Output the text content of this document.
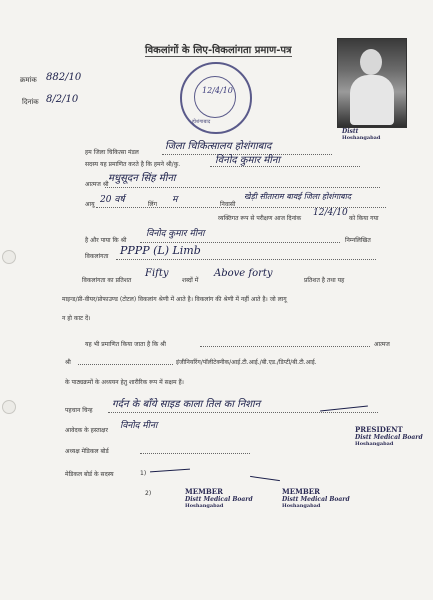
विकलांगों के लिए-विकलांगता प्रमाण-पत्र
क्रमांक 882/10
दिनांक 8/2/10
12/4/10
होशंगाबाद
Distt
Hoshangabad
हम जिला चिकित्सा मंडल
जिला चिकित्सालय होशंगाबाद
सदस्य यह प्रमाणित करते है कि हमने श्री/कु.	विनोद कुमार मीना
आत्मज श्री
मधुसूदन सिंह मीना
आयु 20 वर्ष	लिंग म	निवासी
खेड़ी सीताराम बावई जिला होशंगाबाद
व्यक्तिगत रूप से परीक्षण आज दिनांक
12/4/10
को किया गया
है और पाया कि श्री
विनोद कुमार मीना
निम्नलिखित
विकलांगता PPPP (L) Limb
विकलांगता का प्रतिशत
Fifty
शब्दों में
Above forty
प्रतिशत है तथा यह
माइन्ड/प्री-वीयर/प्रोफाउण्ड (टोटल) विकलांग श्रेणी में आते है। विकलांग की श्रेणी में नहीं आते है। जो लागू
न हो काट दें।
यह भी प्रमाणित किया जाता है कि श्री	आत्मज
श्री	इंजीनियरिंग/पॉलीटेक्नीक/आई.टी.आई./बी.एड./डिप्टी/बी.टी.आई.
के पाठ्यक्रमों के अध्ययन हेतु शारीरिक रूप में सक्षम हैं।
पहचान चिन्ह
गर्दन के बाँये साइड काला तिल का निशान
आवेदक के हस्ताक्षर विनोद मीना
अध्यक्ष मेडिकल बोर्ड
मेडिकल बोर्ड के सदस्य	1)
2)
PRESIDENT
Distt Medical Board
Hoshangabad
MEMBER
Distt Medical Board
Hoshangabad
MEMBER
Distt Medical Board
Hoshangabad
